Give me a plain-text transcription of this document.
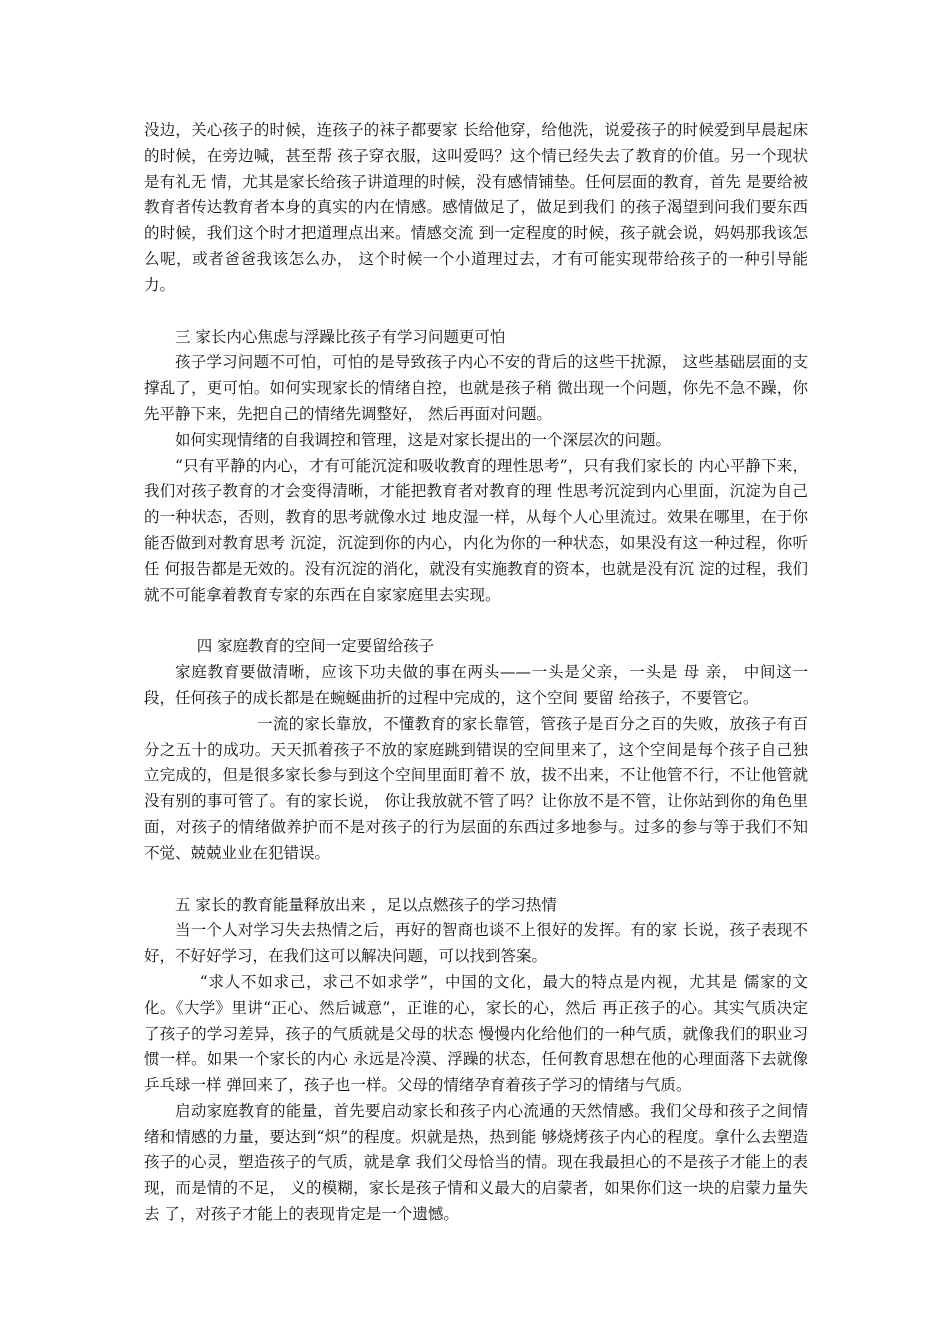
没边，关心孩子的时候，连孩子的袜子都要家 长给他穿，给他洗，说爱孩子的时候爱到早晨起床的时候，在旁边喊，甚至帮 孩子穿衣服，这叫爱吗？这个情已经失去了教育的价值。另一个现状是有礼无 情，尤其是家长给孩子讲道理的时候，没有感情铺垫。任何层面的教育，首先 是要给被教育者传达教育者本身的真实的内在情感。感情做足了，做足到我们 的孩子渴望到问我们要东西的时候，我们这个时才把道理点出来。情感交流 到一定程度的时候，孩子就会说，妈妈那我该怎么呢，或者爸爸我该怎么办， 这个时候一个小道理过去，才有可能实现带给孩子的一种引导能力。

三 家长内心焦虑与浮躁比孩子有学习问题更可怕

孩子学习问题不可怕，可怕的是导致孩子内心不安的背后的这些干扰源， 这些基础层面的支撑乱了，更可怕。如何实现家长的情绪自控，也就是孩子稍 微出现一个问题，你先不急不躁，你先平静下来，先把自己的情绪先调整好， 然后再面对问题。

如何实现情绪的自我调控和管理，这是对家长提出的一个深层次的问题。

“只有平静的内心，才有可能沉淀和吸收教育的理性思考”，只有我们家长的 内心平静下来，我们对孩子教育的才会变得清晰，才能把教育者对教育的理 性思考沉淀到内心里面，沉淀为自己的一种状态，否则，教育的思考就像水过 地皮湿一样，从每个人心里流过。效果在哪里，在于你能否做到对教育思考 沉淀，沉淀到你的内心，内化为你的一种状态，如果没有这一种过程，你听任 何报告都是无效的。没有沉淀的消化，就没有实施教育的资本，也就是没有沉 淀的过程，我们就不可能拿着教育专家的东西在自家家庭里去实现。

四 家庭教育的空间一定要留给孩子

家庭教育要做清晰，应该下功夫做的事在两头——一头是父亲，一头是 母 亲， 中间这一段，任何孩子的成长都是在蜿蜒曲折的过程中完成的，这个空间 要留 给孩子，不要管它。

一流的家长靠放，不懂教育的家长靠管，管孩子是百分之百的失败，放孩子有百分之五十的成功。天天抓着孩子不放的家庭跳到错误的空间里来了，这个空间是每个孩子自己独立完成的，但是很多家长参与到这个空间里面盯着不 放，拔不出来，不让他管不行，不让他管就没有别的事可管了。有的家长说， 你让我放就不管了吗？让你放不是不管，让你站到你的角色里面，对孩子的情绪做养护而不是对孩子的行为层面的东西过多地参与。过多的参与等于我们不知不觉、兢兢业业在犯错误。

五 家长的教育能量释放出来 ，足以点燃孩子的学习热情

当一个人对学习失去热情之后，再好的智商也谈不上很好的发挥。有的家 长说，孩子表现不好，不好好学习，在我们这可以解决问题，可以找到答案。

“求人不如求己，求己不如求学”，中国的文化，最大的特点是内视，尤其是 儒家的文化。《大学》里讲“正心、然后诚意”，正谁的心，家长的心，然后 再正孩子的心。其实气质决定了孩子的学习差异，孩子的气质就是父母的状态 慢慢内化给他们的一种气质，就像我们的职业习惯一样。如果一个家长的内心 永远是冷漠、浮躁的状态，任何教育思想在他的心理面落下去就像乒乓球一样 弹回来了，孩子也一样。父母的情绪孕育着孩子学习的情绪与气质。

启动家庭教育的能量，首先要启动家长和孩子内心流通的天然情感。我们父母和孩子之间情绪和情感的力量，要达到“炽”的程度。炽就是热，热到能 够烧烤孩子内心的程度。拿什么去塑造孩子的心灵，塑造孩子的气质，就是拿 我们父母恰当的情。现在我最担心的不是孩子才能上的表现，而是情的不足， 义的模糊，家长是孩子情和义最大的启蒙者，如果你们这一块的启蒙力量失去 了，对孩子才能上的表现肯定是一个遗憾。
